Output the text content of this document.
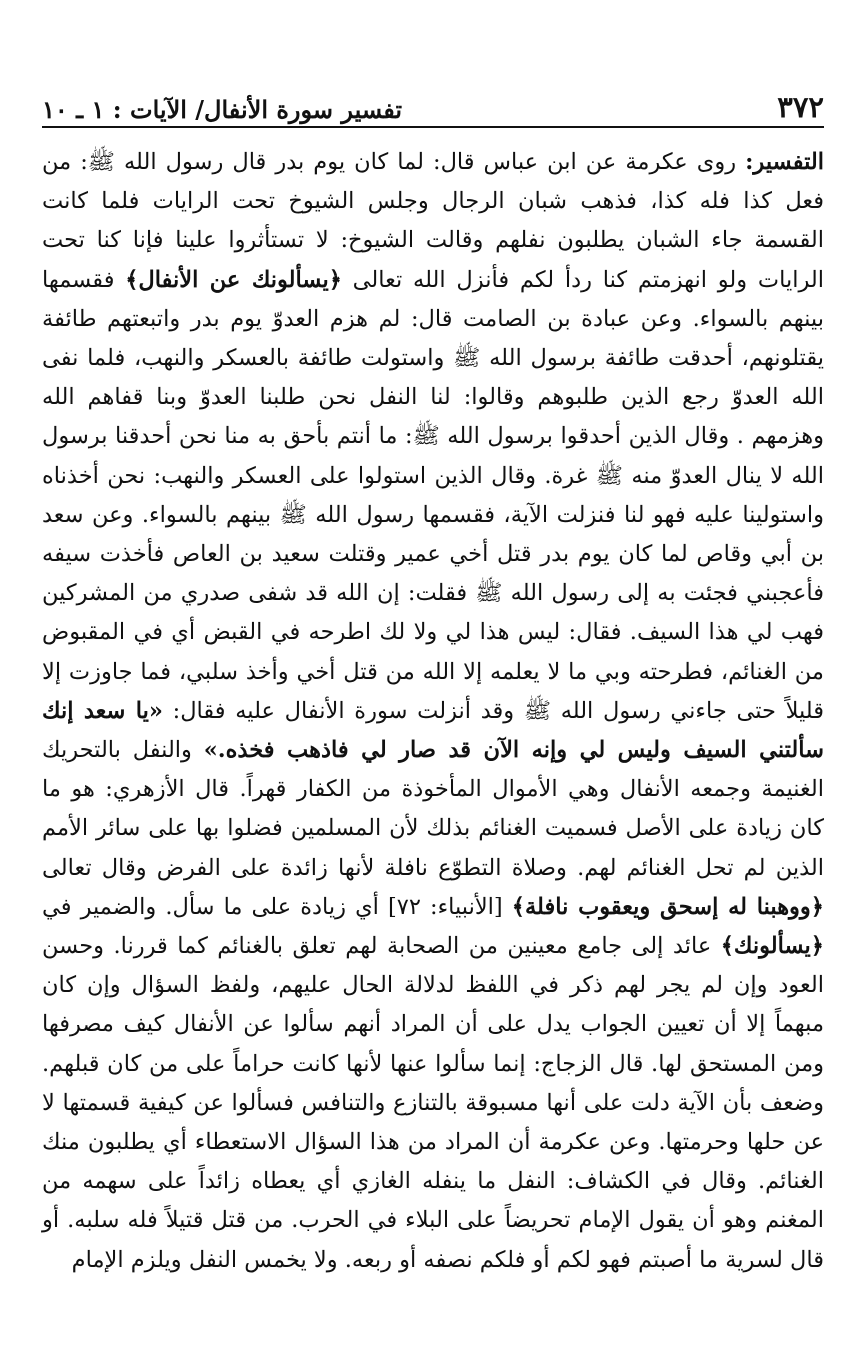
٣٧٢
تفسير سورة الأنفال/ الآيات : ١ ـ ١٠

التفسير: روى عكرمة عن ابن عباس قال: لما كان يوم بدر قال رسول الله ﷺ: من فعل كذا فله كذا، فذهب شبان الرجال وجلس الشيوخ تحت الرايات فلما كانت القسمة جاء الشبان يطلبون نفلهم وقالت الشيوخ: لا تستأثروا علينا فإنا كنا تحت الرايات ولو انهزمتم كنا ردأ لكم فأنزل الله تعالى ﴿يسألونك عن الأنفال﴾ فقسمها بينهم بالسواء. وعن عبادة بن الصامت قال: لم هزم العدوّ يوم بدر واتبعتهم طائفة يقتلونهم، أحدقت طائفة برسول الله ﷺ واستولت طائفة بالعسكر والنهب، فلما نفى الله العدوّ رجع الذين طلبوهم وقالوا: لنا النفل نحن طلبنا العدوّ وبنا قفاهم الله وهزمهم . وقال الذين أحدقوا برسول الله ﷺ: ما أنتم بأحق به منا نحن أحدقنا برسول الله لا ينال العدوّ منه ﷺ غرة. وقال الذين استولوا على العسكر والنهب: نحن أخذناه واستولينا عليه فهو لنا فنزلت الآية، فقسمها رسول الله ﷺ بينهم بالسواء. وعن سعد بن أبي وقاص لما كان يوم بدر قتل أخي عمير وقتلت سعيد بن العاص فأخذت سيفه فأعجبني فجئت به إلى رسول الله ﷺ فقلت: إن الله قد شفى صدري من المشركين فهب لي هذا السيف. فقال: ليس هذا لي ولا لك اطرحه في القبض أي في المقبوض من الغنائم، فطرحته وبي ما لا يعلمه إلا الله من قتل أخي وأخذ سلبي، فما جاوزت إلا قليلاً حتى جاءني رسول الله ﷺ وقد أنزلت سورة الأنفال عليه فقال: «يا سعد إنك سألتني السيف وليس لي وإنه الآن قد صار لي فاذهب فخذه.» والنفل بالتحريك الغنيمة وجمعه الأنفال وهي الأموال المأخوذة من الكفار قهراً. قال الأزهري: هو ما كان زيادة على الأصل فسميت الغنائم بذلك لأن المسلمين فضلوا بها على سائر الأمم الذين لم تحل الغنائم لهم. وصلاة التطوّع نافلة لأنها زائدة على الفرض وقال تعالى ﴿ووهبنا له إسحق ويعقوب نافلة﴾ [الأنبياء: ٧٢] أي زيادة على ما سأل. والضمير في ﴿يسألونك﴾ عائد إلى جامع معينين من الصحابة لهم تعلق بالغنائم كما قررنا. وحسن العود وإن لم يجر لهم ذكر في اللفظ لدلالة الحال عليهم، ولفظ السؤال وإن كان مبهماً إلا أن تعيين الجواب يدل على أن المراد أنهم سألوا عن الأنفال كيف مصرفها ومن المستحق لها. قال الزجاج: إنما سألوا عنها لأنها كانت حراماً على من كان قبلهم. وضعف بأن الآية دلت على أنها مسبوقة بالتنازع والتنافس فسألوا عن كيفية قسمتها لا عن حلها وحرمتها. وعن عكرمة أن المراد من هذا السؤال الاستعطاء أي يطلبون منك الغنائم. وقال في الكشاف: النفل ما ينفله الغازي أي يعطاه زائداً على سهمه من المغنم وهو أن يقول الإمام تحريضاً على البلاء في الحرب. من قتل قتيلاً فله سلبه. أو قال لسرية ما أصبتم فهو لكم أو فلكم نصفه أو ربعه. ولا يخمس النفل ويلزم الإمام
